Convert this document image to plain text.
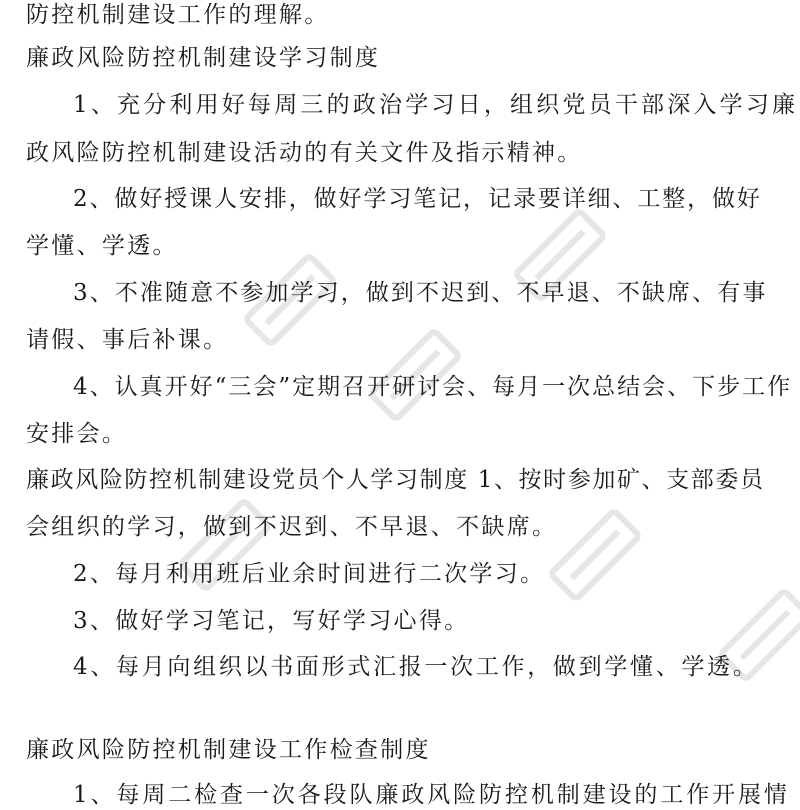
防控机制建设工作的理解。
廉政风险防控机制建设学习制度
1、充分利用好每周三的政治学习日，组织党员干部深入学习廉
政风险防控机制建设活动的有关文件及指示精神。
2、做好授课人安排，做好学习笔记，记录要详细、工整，做好
学懂、学透。
3、不准随意不参加学习，做到不迟到、不早退、不缺席、有事
请假、事后补课。
4、认真开好“三会”定期召开研讨会、每月一次总结会、下步工作
安排会。
廉政风险防控机制建设党员个人学习制度 1、按时参加矿、支部委员
会组织的学习，做到不迟到、不早退、不缺席。
2、每月利用班后业余时间进行二次学习。
3、做好学习笔记，写好学习心得。
4、每月向组织以书面形式汇报一次工作，做到学懂、学透。
廉政风险防控机制建设工作检查制度
1、每周二检查一次各段队廉政风险防控机制建设的工作开展情
